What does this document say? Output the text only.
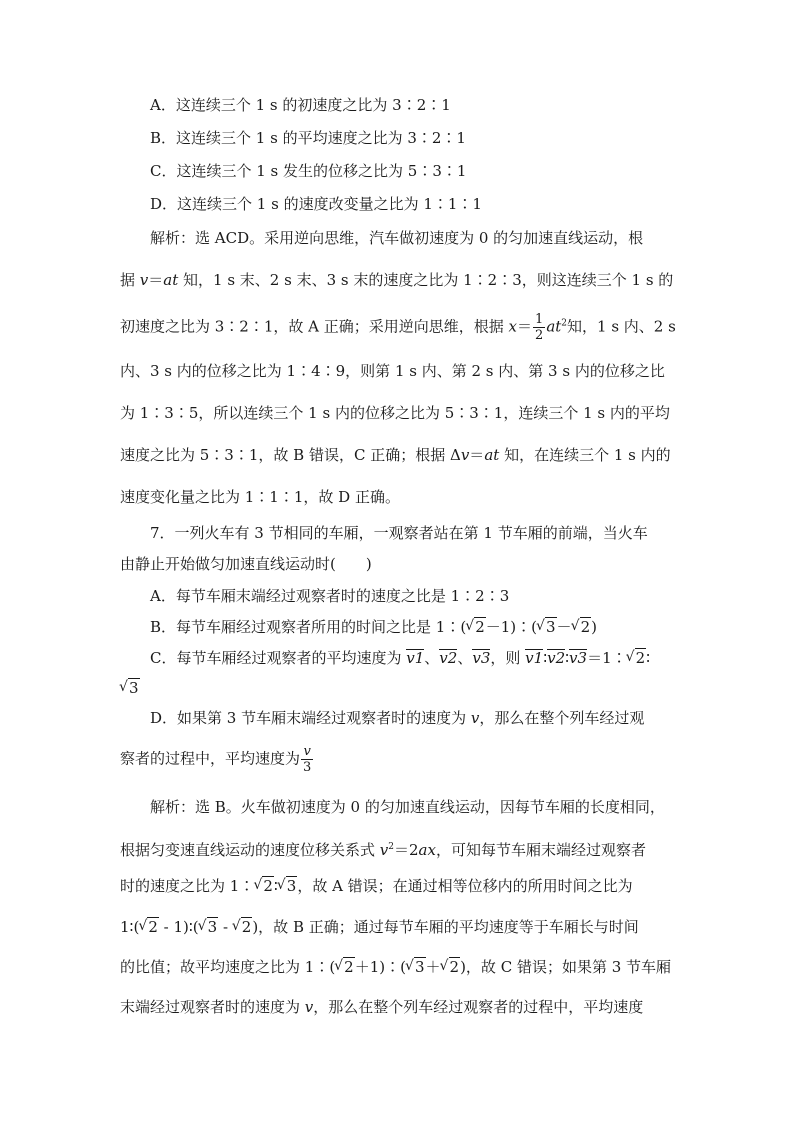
A．这连续三个 1 s 的初速度之比为 3∶2∶1
B．这连续三个 1 s 的平均速度之比为 3∶2∶1
C．这连续三个 1 s 发生的位移之比为 5∶3∶1
D．这连续三个 1 s 的速度改变量之比为 1∶1∶1
解析：选 ACD。采用逆向思维，汽车做初速度为 0 的匀加速直线运动，根
据 v＝at 知，1 s 末、2 s 末、3 s 末的速度之比为 1∶2∶3，则这连续三个 1 s 的
初速度之比为 3∶2∶1，故 A 正确；采用逆向思维，根据 $x= \frac{1}{2} at^2$知，1 s 内、2 s
内、3 s 内的位移之比为 1∶4∶9，则第 1 s 内、第 2 s 内、第 3 s 内的位移之比
为 1∶3∶5，所以连续三个 1 s 内的位移之比为 5∶3∶1，连续三个 1 s 内的平均
速度之比为 5∶3∶1，故 B 错误，C 正确；根据 Δv＝at 知，在连续三个 1 s 内的
速度变化量之比为 1∶1∶1，故 D 正确。
7．一列火车有 3 节相同的车厢，一观察者站在第 1 节车厢的前端，当火车
由静止开始做匀加速直线运动时(　　)
A．每节车厢末端经过观察者时的速度之比是 1∶2∶3
B．每节车厢经过观察者所用的时间之比是 1∶( √ 2－1)∶( √ 3－ √ 2)
C．每节车厢经过观察者的平均速度为
v1、
v2、
v3，则
v1∶
v2∶
v3＝1∶ √ 2∶
√ 3
D．如果第 3 节车厢末端经过观察者时的速度为 v，那么在整个列车经过观
察者的过程中，平均速度为 $\frac{v}{3}$
解析：选 B。火车做初速度为 0 的匀加速直线运动，因每节车厢的长度相同，
根据匀变速直线运动的速度位移关系式 $v^2=2ax$，可知每节车厢末端经过观察者
时的速度之比为 1∶ √ 2∶ √ 3，故 A 错误；在通过相等位移内的所用时间之比为
1∶( √ 2 - 1)∶( √ 3 - √ 2)，故 B 正确；通过每节车厢的平均速度等于车厢长与时间
的比值；故平均速度之比为 1∶( √ 2＋1)∶( √ 3＋ √ 2)，故 C 错误；如果第 3 节车厢
末端经过观察者时的速度为 v，那么在整个列车经过观察者的过程中，平均速度
